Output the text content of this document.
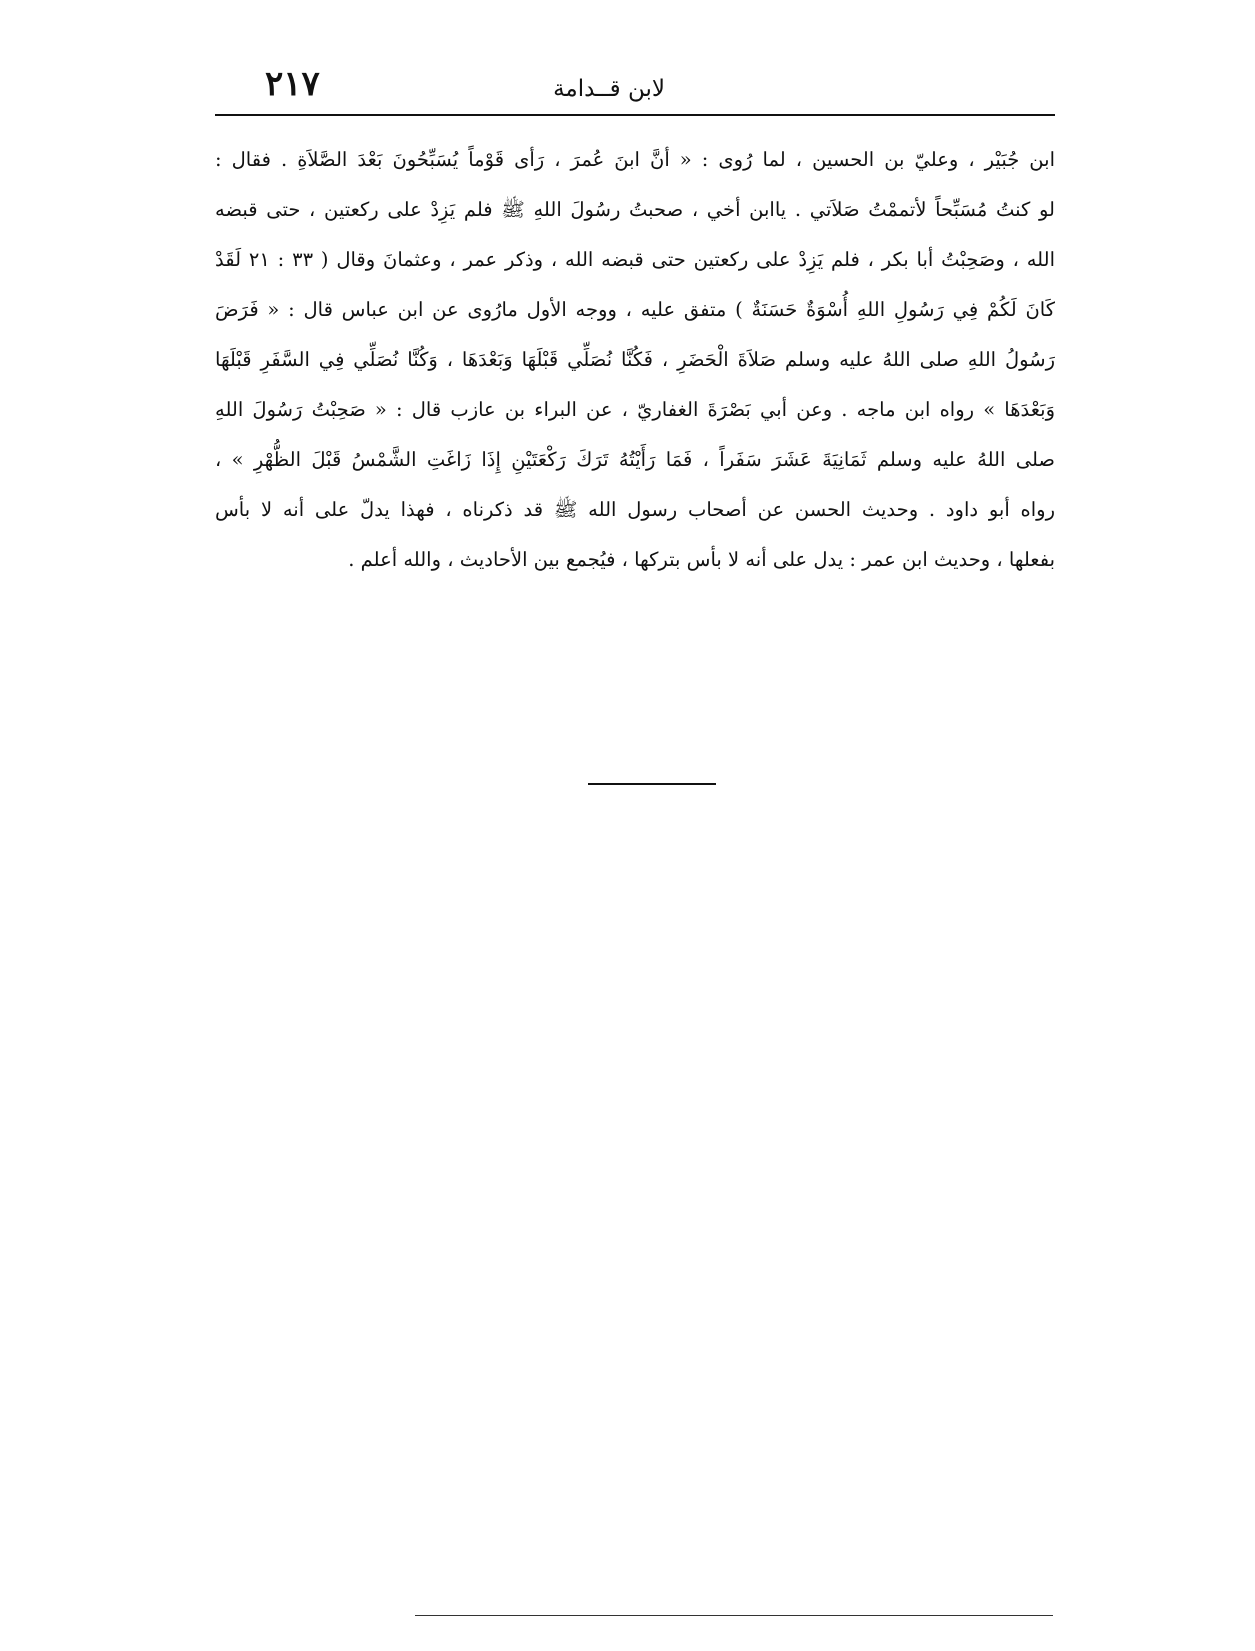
لابن قــدامة
٢١٧
ابن جُبَيْر ، وعليّ بن الحسين ، لما رُوى : « أنَّ ابنَ عُمرَ ، رَأى قَوْماً يُسَبِّحُونَ بَعْدَ الصَّلاَةِ . فقال :
لو كنتُ مُسَبِّحاً لأتممْتُ صَلاَتي . ياابن أخي ، صحبتُ رسُولَ اللهِ ﷺ فلم يَزِدْ على ركعتين ، حتى قبضه
الله ، وصَحِبْتُ أبا بكر ، فلم يَزِدْ على ركعتين حتى قبضه الله ، وذكر عمر ، وعثمانَ وقال ( ٣٣ : ٢١ لَقَدْ
كَانَ لَكُمْ فِي رَسُولِ اللهِ أُسْوَةٌ حَسَنَةٌ ) متفق عليه ، ووجه الأول مارُوى عن ابن عباس قال : « فَرَضَ
رَسُولُ اللهِ صلى اللهُ عليه وسلم صَلاَةَ الْحَضَرِ ، فَكُنَّا نُصَلِّي قَبْلَهَا وَبَعْدَهَا ، وَكُنَّا نُصَلِّي فِي السَّفَرِ قَبْلَهَا
وَبَعْدَهَا » رواه ابن ماجه . وعن أبي بَصْرَةَ الغفاريّ ، عن البراء بن عازب قال : « صَحِبْتُ رَسُولَ اللهِ
صلى اللهُ عليه وسلم ثَمَانِيَةَ عَشَرَ سَفَراً ، فَمَا رَأَيْتُهُ تَرَكَ رَكْعَتَيْنِ إِذَا زَاغَتِ الشَّمْسُ قَبْلَ الظُّهْرِ » ،
رواه أبو داود . وحديث الحسن عن أصحاب رسول الله ﷺ قد ذكرناه ، فهذا يدلّ على أنه لا بأس
بفعلها ، وحديث ابن عمر : يدل على أنه لا بأس بتركها ، فيُجمع بين الأحاديث ، والله أعلم .
